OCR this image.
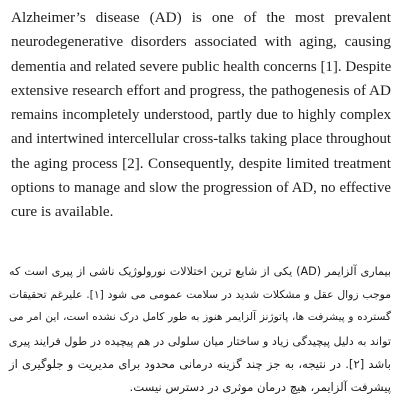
Alzheimer’s disease (AD) is one of the most prevalent
neurodegenerative disorders associated with aging, causing
dementia and related severe public health concerns [1]. Despite
extensive research effort and progress, the pathogenesis of AD
remains incompletely understood, partly due to highly complex
and intertwined intercellular cross-talks taking place throughout
the aging process [2]. Consequently, despite limited treatment
options to manage and slow the progression of AD, no effective
cure is available.
بیماری آلزایمر (AD) یکی از شایع ترین اختلالات نورولوژیک ناشی از پیری است که
موجب زوال عقل و مشکلات شدید در سلامت عمومی می شود [۱]. علیرغم تحقیقات
گسترده و پیشرفت ها، پاتوژنز آلزایمر هنوز به طور کامل درک نشده است، این امر می
تواند به دلیل پیچیدگی زیاد و ساختار میان سلولی در هم پیچیده در طول فرایند پیری
باشد [۲]. در نتیجه، به جز چند گزینه درمانی محدود برای مدیریت و جلوگیری از
پیشرفت آلزایمر، هیچ درمان موثری در دسترس نیست.
